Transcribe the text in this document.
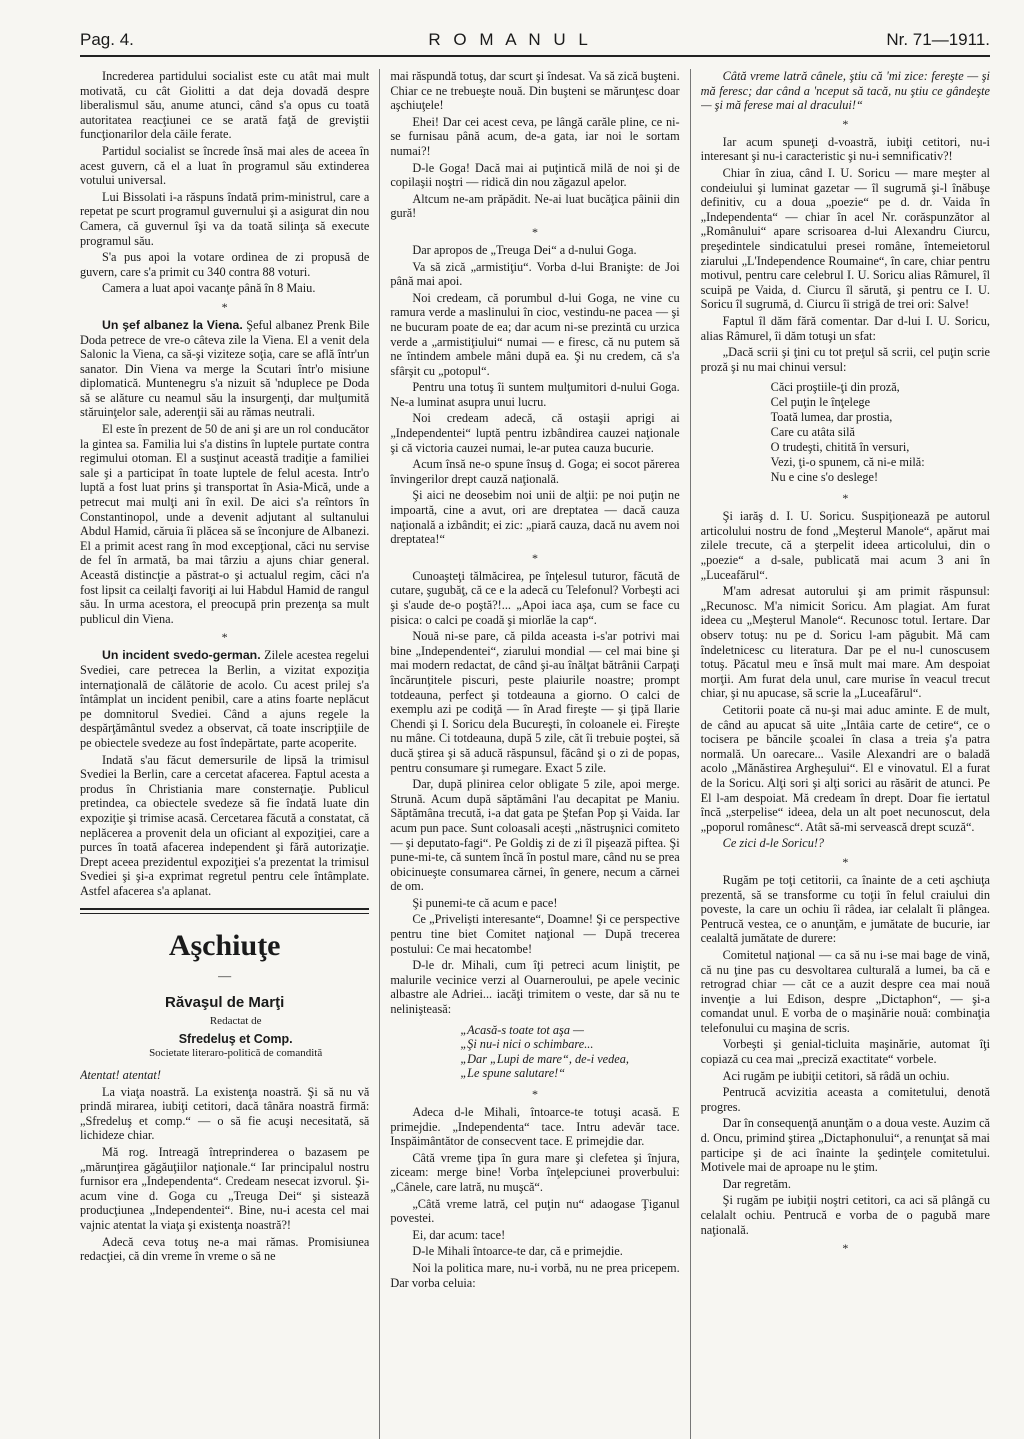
Pag. 4.	R O M A N U L	Nr. 71—1911.

Increderea partidului socialist este cu atât mai mult motivată, cu cât Giolitti a dat deja dovadă despre liberalismul său, anume atunci, când s'a opus cu toată autoritatea reacţiunei ce se arată faţă de greviştii funcţionarilor dela căile ferate.

Partidul socialist se încrede însă mai ales de aceea în acest guvern, că el a luat în programul său extinderea votului universal.

Lui Bissolati i-a răspuns îndată prim-ministrul, care a repetat pe scurt programul guvernului şi a asigurat din nou Camera, că guvernul îşi va da toată silinţa să execute programul său.

S'a pus apoi la votare ordinea de zi propusă de guvern, care s'a primit cu 340 contra 88 voturi.

Camera a luat apoi vacanţe până în 8 Maiu.

*

Un şef albanez la Viena. Şeful albanez Prenk Bile Doda petrece de vre-o câteva zile la Viena. El a venit dela Salonic la Viena, ca să-şi viziteze soţia, care se află într'un sanator. Din Viena va merge la Scutari într'o misiune diplomatică. Muntenegru s'a nizuit să 'nduplece pe Doda să se alăture cu neamul său la insurgenţi, dar mulţumită stăruinţelor sale, aderenţii săi au rămas neutrali.

El este în prezent de 50 de ani şi are un rol conducător la gintea sa. Familia lui s'a distins în luptele purtate contra regimului otoman. El a susţinut această tradiţie a familiei sale şi a participat în toate luptele de felul acesta. Intr'o luptă a fost luat prins şi transportat în Asia-Mică, unde a petrecut mai mulţi ani în exil. De aici s'a reîntors în Constantinopol, unde a devenit adjutant al sultanului Abdul Hamid, căruia îi plăcea să se înconjure de Albanezi. El a primit acest rang în mod excepţional, căci nu servise de fel în armată, ba mai târziu a ajuns chiar general. Această distincţie a păstrat-o şi actualul regim, căci n'a fost lipsit ca ceilalţi favoriţi ai lui Habdul Hamid de rangul său. In urma acestora, el preocupă prin prezenţa sa mult publicul din Viena.

*

Un incident svedo-german. Zilele acestea regelui Svediei, care petrecea la Berlin, a vizitat expoziţia internaţională de călătorie de acolo. Cu acest prilej s'a întâmplat un incident penibil, care a atins foarte neplăcut pe domnitorul Svediei. Când a ajuns regele la despărţământul svedez a observat, că toate inscripţiile de pe obiectele svedeze au fost îndepărtate, parte acoperite.

Indată s'au făcut demersurile de lipsă la trimisul Svediei la Berlin, care a cercetat afacerea. Faptul acesta a produs în Christiania mare consternaţie. Publicul pretindea, ca obiectele svedeze să fie îndată luate din expoziţie şi trimise acasă. Cercetarea făcută a constatat, că neplăcerea a provenit dela un oficiant al expoziţiei, care a purces în toată afacerea independent şi fără autorizaţie. Drept aceea prezidentul expoziţiei s'a prezentat la trimisul Svediei şi şi-a exprimat regretul pentru cele întâmplate. Astfel afacerea s'a aplanat.

Aşchiuţe
—
Răvaşul de Marţi

Redactat de

Sfredeluş et Comp.

Societate literaro-politică de comandită

Atentat! atentat!

La viaţa noastră. La existenţa noastră. Şi să nu vă prindă mirarea, iubiţi cetitori, dacă tânăra noastră firmă: „Sfredeluş et comp.“ — o să fie acuşi necesitată, să lichideze chiar.

Mă rog. Intreagă întreprinderea o bazasem pe „mărunţirea găgăuţiilor naţionale.“ Iar principalul nostru furnisor era „Independenta“. Credeam nesecat izvorul. Şi-acum vine d. Goga cu „Treuga Dei“ şi sistează producţiunea „Independentei“. Bine, nu-i acesta cel mai vajnic atentat la viaţa şi existenţa noastră?!

Adecă ceva totuş ne-a mai rămas. Promisiunea redacţiei, că din vreme în vreme o să ne

mai răspundă totuş, dar scurt şi îndesat. Va să zică buşteni. Chiar ce ne trebueşte nouă. Din buşteni se mărunţesc doar aşchiuţele!

Ehei! Dar cei acest ceva, pe lângă carăle pline, ce ni-se furnisau până acum, de-a gata, iar noi le sortam numai?!

D-le Goga! Dacă mai ai puţintică milă de noi şi de copilaşii noştri — ridică din nou zăgazul apelor.

Altcum ne-am prăpădit. Ne-ai luat bucăţica pâinii din gură!

*

Dar apropos de „Treuga Dei“ a d-nului Goga.

Va să zică „armistiţiu“. Vorba d-lui Branişte: de Joi până mai apoi.

Noi credeam, că porumbul d-lui Goga, ne vine cu ramura verde a maslinului în cioc, vestindu-ne pacea — şi ne bucuram poate de ea; dar acum ni-se prezintă cu urzica verde a „armistiţiului“ numai — e firesc, că nu putem să ne întindem ambele mâni după ea. Şi nu credem, că s'a sfârşit cu „potopul“.

Pentru una totuş îi suntem mulţumitori d-nului Goga. Ne-a luminat asupra unui lucru.

Noi credeam adecă, că ostaşii aprigi ai „Independentei“ luptă pentru izbândirea cauzei naţionale şi că victoria cauzei numai, le-ar putea cauza bucurie.

Acum însă ne-o spune însuş d. Goga; ei socot părerea învingerilor drept cauză naţională.

Şi aici ne deosebim noi unii de alţii: pe noi puţin ne impoartă, cine a avut, ori are dreptatea — dacă cauza naţională a izbândit; ei zic: „piară cauza, dacă nu avem noi dreptatea!“

*

Cunoaşteţi tălmăcirea, pe înţelesul tuturor, făcută de cutare, şugubăţ, că ce e la adecă cu Telefonul? Vorbeşti aci şi s'aude de-o poştă?!... „Apoi iaca aşa, cum se face cu pisica: o calci pe coadă şi miorlăe la cap“.

Nouă ni-se pare, că pilda aceasta i-s'ar potrivi mai bine „Independentei“, ziarului mondial — cel mai bine şi mai modern redactat, de când şi-au înălţat bătrânii Carpaţi încărunţitele piscuri, peste plaiurile noastre; prompt totdeauna, perfect şi totdeauna a giorno. O calci de exemplu azi pe codiţă — în Arad fireşte — şi ţipă Ilarie Chendi şi I. Soricu dela Bucureşti, în coloanele ei. Fireşte nu mâne. Ci totdeauna, după 5 zile, căt îi trebuie poştei, să ducă ştirea şi să aducă răspunsul, făcând şi o zi de popas, pentru consumare şi rumegare. Exact 5 zile.

Dar, după plinirea celor obligate 5 zile, apoi merge. Strună. Acum după săptămâni l'au decapitat pe Maniu. Săptămâna trecută, i-a dat gata pe Ştefan Pop şi Vaida. Iar acum pun pace. Sunt coloasali acești „năstruşnici comiteto — şi deputato-fagi“. Pe Goldiş zi de zi îl pişează piftea. Şi pune-mi-te, că suntem încă în postul mare, când nu se prea obicinueşte consumarea cărnei, în genere, necum a cărnei de om.

Şi punemi-te că acum e pace!

Ce „Priveliști interesante“, Doamne! Şi ce perspective pentru tine biet Comitet naţional — După trecerea postului: Ce mai hecatombe!

D-le dr. Mihali, cum îţi petreci acum liniştit, pe malurile vecinice verzi al Ouarneroului, pe apele vecinic albastre ale Adriei... iacăţi trimitem o veste, dar să nu te nelinişteasă:

„Acasă-s toate tot aşa —
„Şi nu-i nici o schimbare...
„Dar „Lupi de mare“, de-i vedea,
„Le spune salutare!“
*

Adeca d-le Mihali, întoarce-te totuşi acasă. E primejdie. „Independenta“ tace. Intru adevăr tace. Inspăimântător de consecvent tace. E primejdie dar.

Câtă vreme ţipa în gura mare şi clefetea şi înjura, ziceam: merge bine! Vorba înţelepciunei proverbului: „Cânele, care latră, nu muşcă“.

„Câtă vreme latră, cel puţin nu“ adaogase Ţiganul povestei.

Ei, dar acum: tace!

D-le Mihali întoarce-te dar, că e primejdie.

Noi la politica mare, nu-i vorbă, nu ne prea pricepem. Dar vorba celuia:

Câtă vreme latră cânele, ştiu că 'mi zice: fereşte — şi mă feresc; dar când a 'nceput să tacă, nu ştiu ce gândeşte — şi mă ferese mai al dracului!“

*

Iar acum spuneţi d-voastră, iubiţi cetitori, nu-i interesant şi nu-i caracteristic şi nu-i semnificativ?!

Chiar în ziua, când I. U. Soricu — mare meşter al condeiului şi luminat gazetar — îl sugrumă şi-l înăbuşe definitiv, cu a doua „poezie“ pe d. dr. Vaida în „Independenta“ — chiar în acel Nr. corăspunzător al „Românului“ apare scrisoarea d-lui Alexandru Ciurcu, preşedintele sindicatului presei române, întemeietorul ziarului „L'Independence Roumaine“, în care, chiar pentru motivul, pentru care celebrul I. U. Soricu alias Râmurel, îl scuipă pe Vaida, d. Ciurcu îl sărută, şi pentru ce I. U. Soricu îl sugrumă, d. Ciurcu îi strigă de trei ori: Salve!

Faptul îl dăm fără comentar. Dar d-lui I. U. Soricu, alias Râmurel, îi dăm totuşi un sfat:

„Dacă scrii şi ţini cu tot preţul să scrii, cel puţin scrie proză şi nu mai chinui versul:

Căci proştiile-ţi din proză,
Cel puţin le înţelege
Toată lumea, dar prostia,
Care cu atâta silă
O trudeşti, chitită în versuri,
Vezi, ţi-o spunem, că ni-e milă:
Nu e cine s'o deslege!
*

Şi iarăş d. I. U. Soricu. Suspiţionează pe autorul articolului nostru de fond „Meşterul Manole“, apărut mai zilele trecute, că a şterpelit ideea articolului, din o „poezie“ a d-sale, publicată mai acum 3 ani în „Luceafărul“.

M'am adresat autorului şi am primit răspunsul: „Recunosc. M'a nimicit Soricu. Am plagiat. Am furat ideea cu „Meşterul Manole“. Recunosc totul. Iertare. Dar observ totuş: nu pe d. Soricu l-am păgubit. Mă cam îndeletnicesc cu literatura. Dar pe el nu-l cunoscusem totuş. Păcatul meu e însă mult mai mare. Am despoiat morţii. Am furat dela unul, care murise în veacul trecut chiar, şi nu apucase, să scrie la „Luceafărul“.

Cetitorii poate că nu-şi mai aduc aminte. E de mult, de când au apucat să uite „Intâia carte de cetire“, ce o tocisera pe băncile şcoalei în clasa a treia ş'a patra normală. Un oarecare... Vasile Alexandri are o baladă acolo „Mănăstirea Argheşului“. El e vinovatul. El a furat de la Soricu. Alţi sori şi alţi sorici au răsărit de atunci. Pe El l-am despoiat. Mă credeam în drept. Doar fie iertatul încă „sterpelise“ ideea, dela un alt poet necunoscut, dela „poporul românesc“. Atât să-mi servească drept scuză“.

Ce zici d-le Soricu!?

*

Rugăm pe toţi cetitorii, ca înainte de a ceti aşchiuţa prezentă, să se transforme cu toţii în felul craiului din poveste, la care un ochiu îi râdea, iar celalalt îi plângea. Pentrucă vestea, ce o anunţăm, e jumătate de bucurie, iar cealaltă jumătate de durere:

Comitetul naţional — ca să nu i-se mai bage de vină, că nu ţine pas cu desvoltarea culturală a lumei, ba că e retrograd chiar — căt ce a auzit despre cea mai nouă invenţie a lui Edison, despre „Dictaphon“, — şi-a comandat unul. E vorba de o maşinărie nouă: combinaţia telefonului cu maşina de scris.

Vorbeşti şi genial-ticluita maşinărie, automat îţi copiază cu cea mai „preciză exactitate“ vorbele.

Aci rugăm pe iubiţii cetitori, să râdă un ochiu.

Pentrucă acvizitia aceasta a comitetului, denotă progres.

Dar în consequenţă anunţăm o a doua veste. Auzim că d. Oncu, primind ştirea „Dictaphonului“, a renunţat să mai participe şi de aci înainte la şedinţele comitetului. Motivele mai de aproape nu le ştim.

Dar regretăm.

Şi rugăm pe iubiţii noştri cetitori, ca aci să plângă cu celalalt ochiu. Pentrucă e vorba de o pagubă mare naţională.

*
